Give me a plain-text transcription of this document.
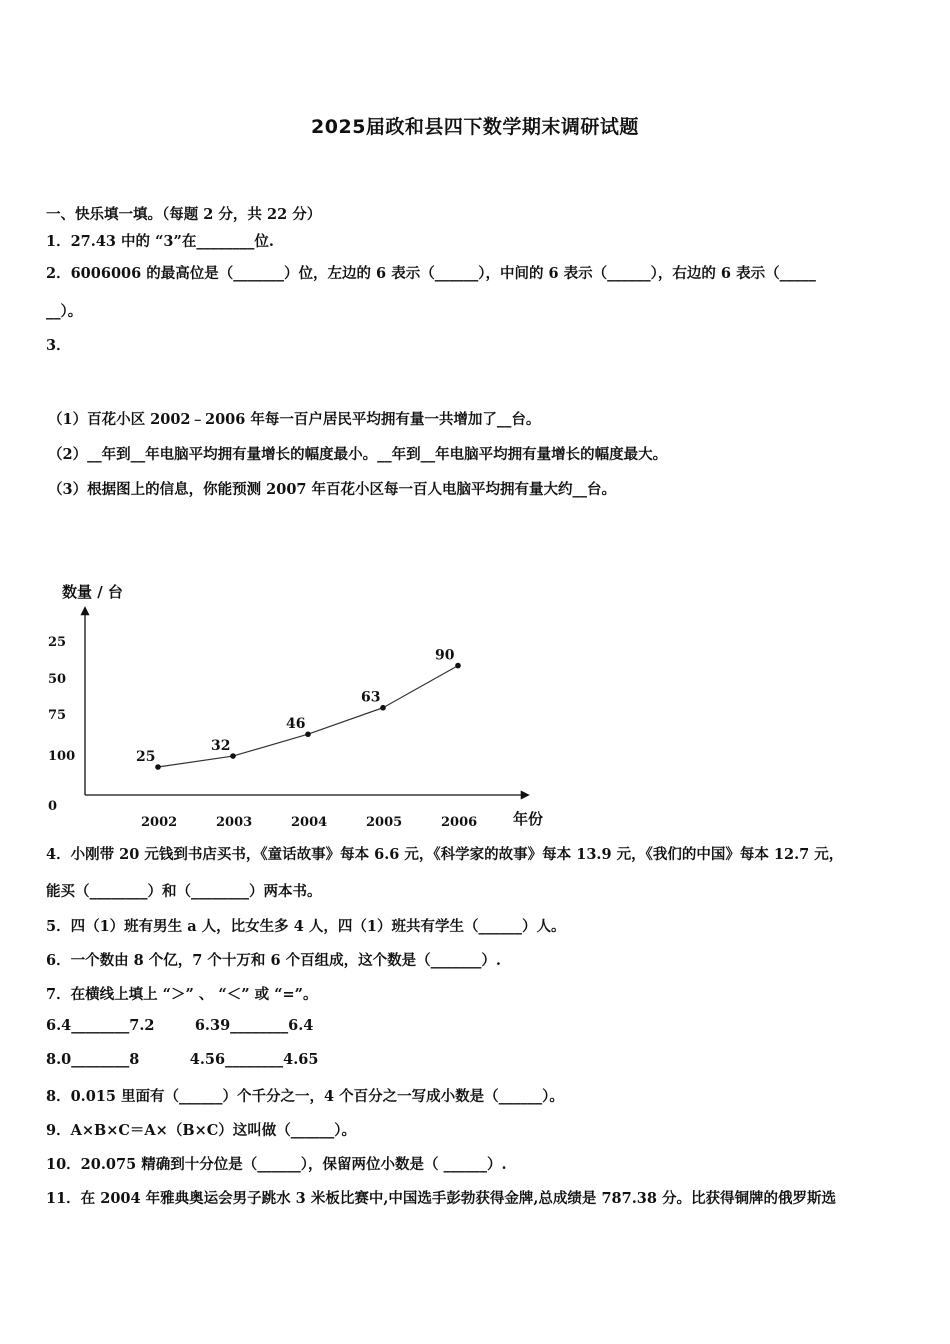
2025届政和县四下数学期末调研试题
一、快乐填一填。（每题 2 分，共 22 分）
1．27.43 中的 “3”在________位.
2．6006006 的最高位是（_______）位，左边的 6 表示（______），中间的 6 表示（______），右边的 6 表示（_____
__）。
3．
（1）百花小区 2002﹣2006 年每一百户居民平均拥有量一共增加了__台。
（2）__年到__年电脑平均拥有量增长的幅度最小。__年到__年电脑平均拥有量增长的幅度最大。
（3）根据图上的信息，你能预测 2007 年百花小区每一百人电脑平均拥有量大约__台。
数量 / 台
年份
0
25
50
75
100
2002	2003	2004	2005	2006
25
32
46
63
90
4．小刚带 20 元钱到书店买书，《童话故事》每本 6.6 元，《科学家的故事》每本 13.9 元，《我们的中国》每本 12.7 元，
能买（________）和（________）两本书。
5．四（1）班有男生 a 人，比女生多 4 人，四（1）班共有学生（______）人。
6．一个数由 8 个亿，7 个十万和 6 个百组成，这个数是（_______）.
7．在横线上填上 “＞” 、 “＜” 或 “=”。
6.4________7.2        6.39________6.4
8.0________8          4.56________4.65
8．0.015 里面有（______）个千分之一，4 个百分之一写成小数是（______）。
9．A×B×C＝A×（B×C）这叫做（______）。
10．20.075 精确到十分位是（______），保留两位小数是（ ______）.
11．在 2004 年雅典奥运会男子跳水 3 米板比赛中,中国选手彭勃获得金牌,总成绩是 787.38 分。比获得铜牌的俄罗斯选
